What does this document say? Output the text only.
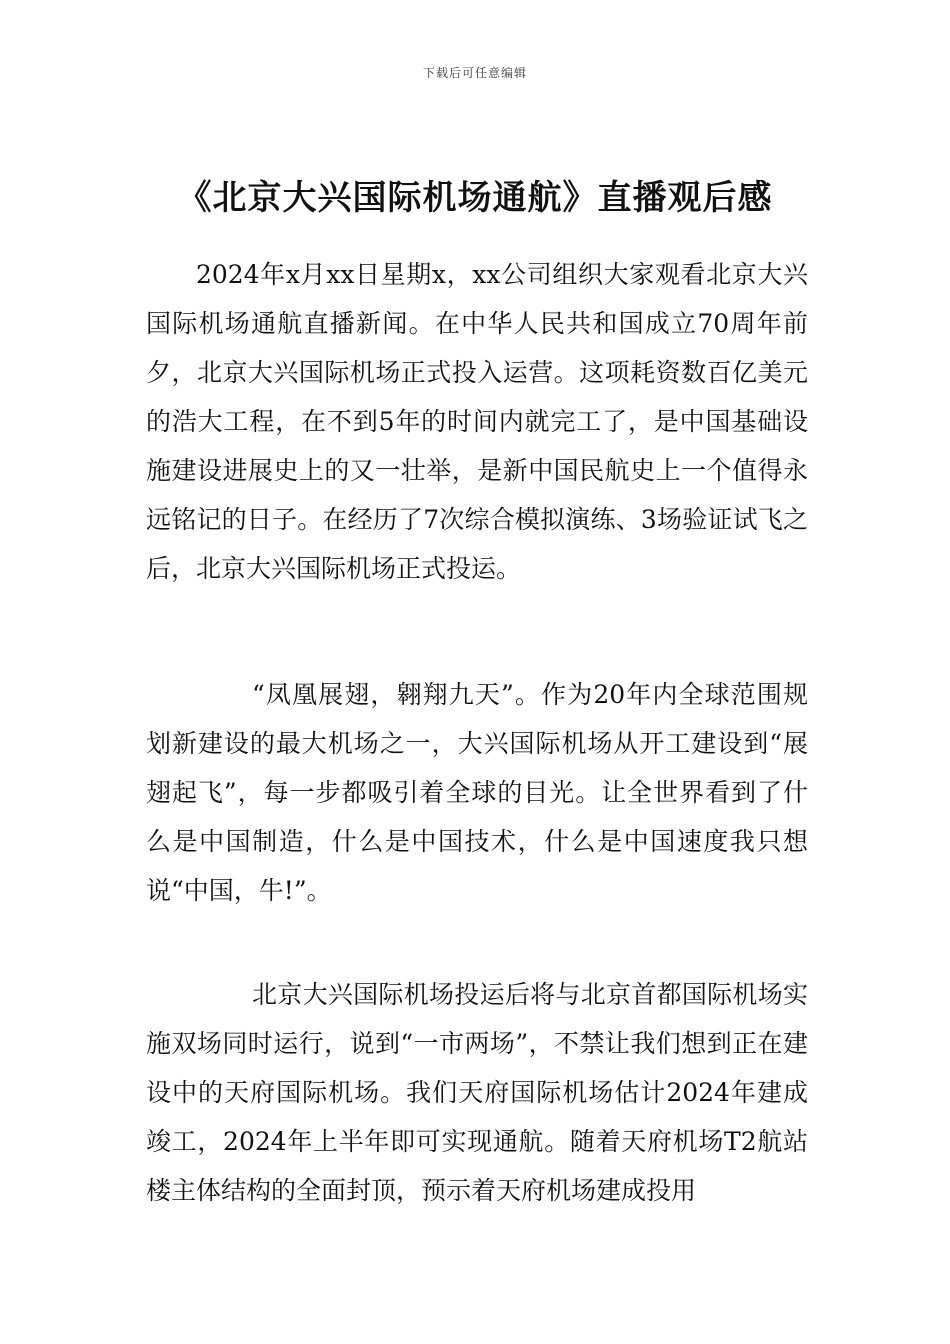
下载后可任意编辑
《北京大兴国际机场通航》直播观后感

2024年x月xx日星期x，xx公司组织大家观看北京大兴国际机场通航直播新闻。在中华人民共和国成立70周年前夕，北京大兴国际机场正式投入运营。这项耗资数百亿美元的浩大工程，在不到5年的时间内就完工了，是中国基础设施建设进展史上的又一壮举，是新中国民航史上一个值得永远铭记的日子。在经历了7次综合模拟演练、3场验证试飞之后，北京大兴国际机场正式投运。

“凤凰展翅，翱翔九天”。作为20年内全球范围规划新建设的最大机场之一，大兴国际机场从开工建设到“展翅起飞”，每一步都吸引着全球的目光。让全世界看到了什么是中国制造，什么是中国技术，什么是中国速度我只想说“中国，牛!”。

北京大兴国际机场投运后将与北京首都国际机场实施双场同时运行，说到“一市两场”，不禁让我们想到正在建设中的天府国际机场。我们天府国际机场估计2024年建成竣工，2024年上半年即可实现通航。随着天府机场T2航站楼主体结构的全面封顶，预示着天府机场建成投用
